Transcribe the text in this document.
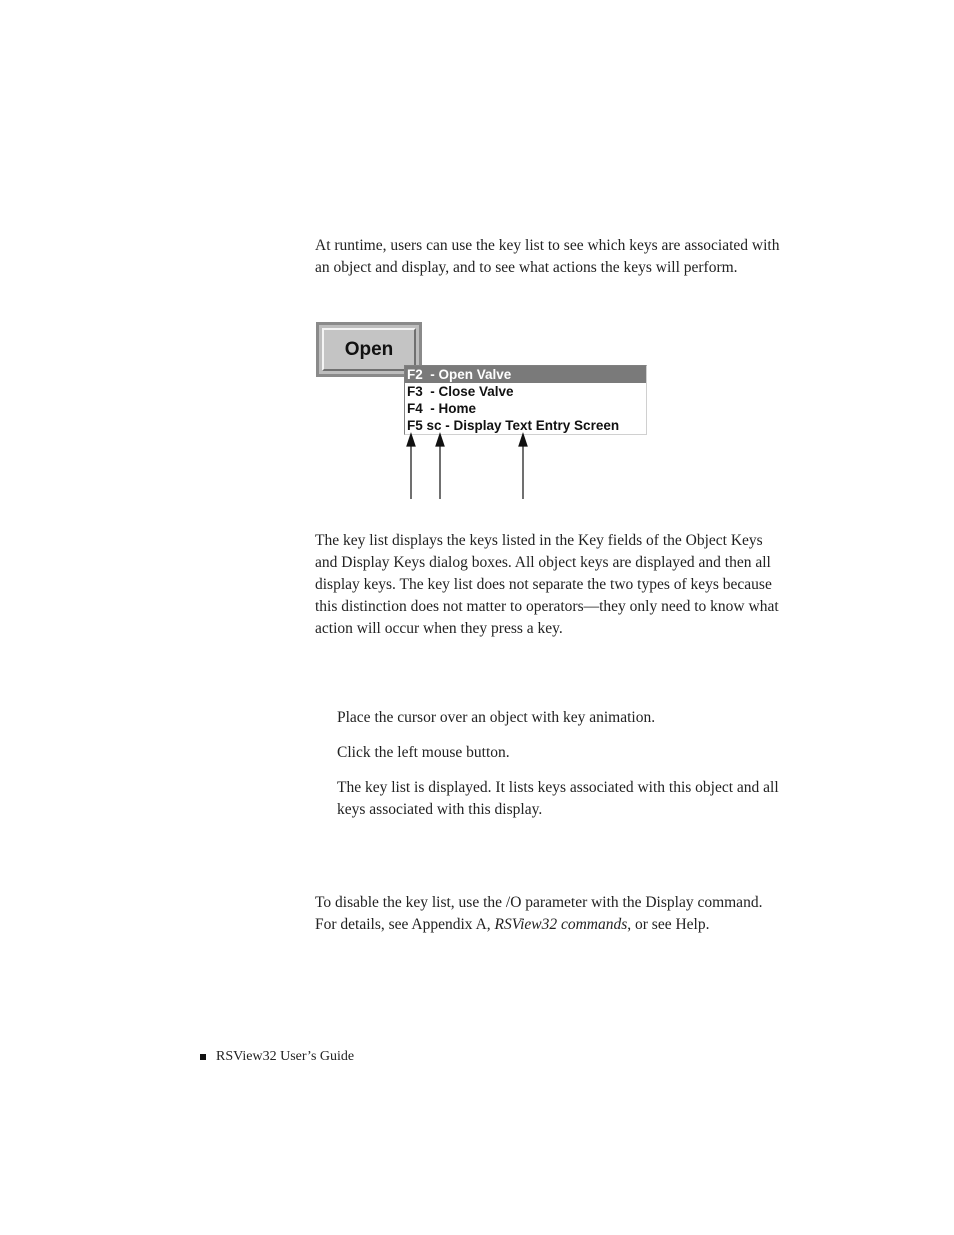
At runtime, users can use the key list to see which keys are associated with an object and display, and to see what actions the keys will perform.

Open
F2  - Open Valve
F3  - Close Valve
F4  - Home
F5 sc - Display Text Entry Screen

The key list displays the keys listed in the Key fields of the Object Keys and Display Keys dialog boxes. All object keys are displayed and then all display keys. The key list does not separate the two types of keys because this distinction does not matter to operators—they only need to know what action will occur when they press a key.

Place the cursor over an object with key animation.

Click the left mouse button.

The key list is displayed. It lists keys associated with this object and all keys associated with this display.

To disable the key list, use the /O parameter with the Display command. For details, see Appendix A, RSView32 commands, or see Help.

RSView32 User’s Guide
